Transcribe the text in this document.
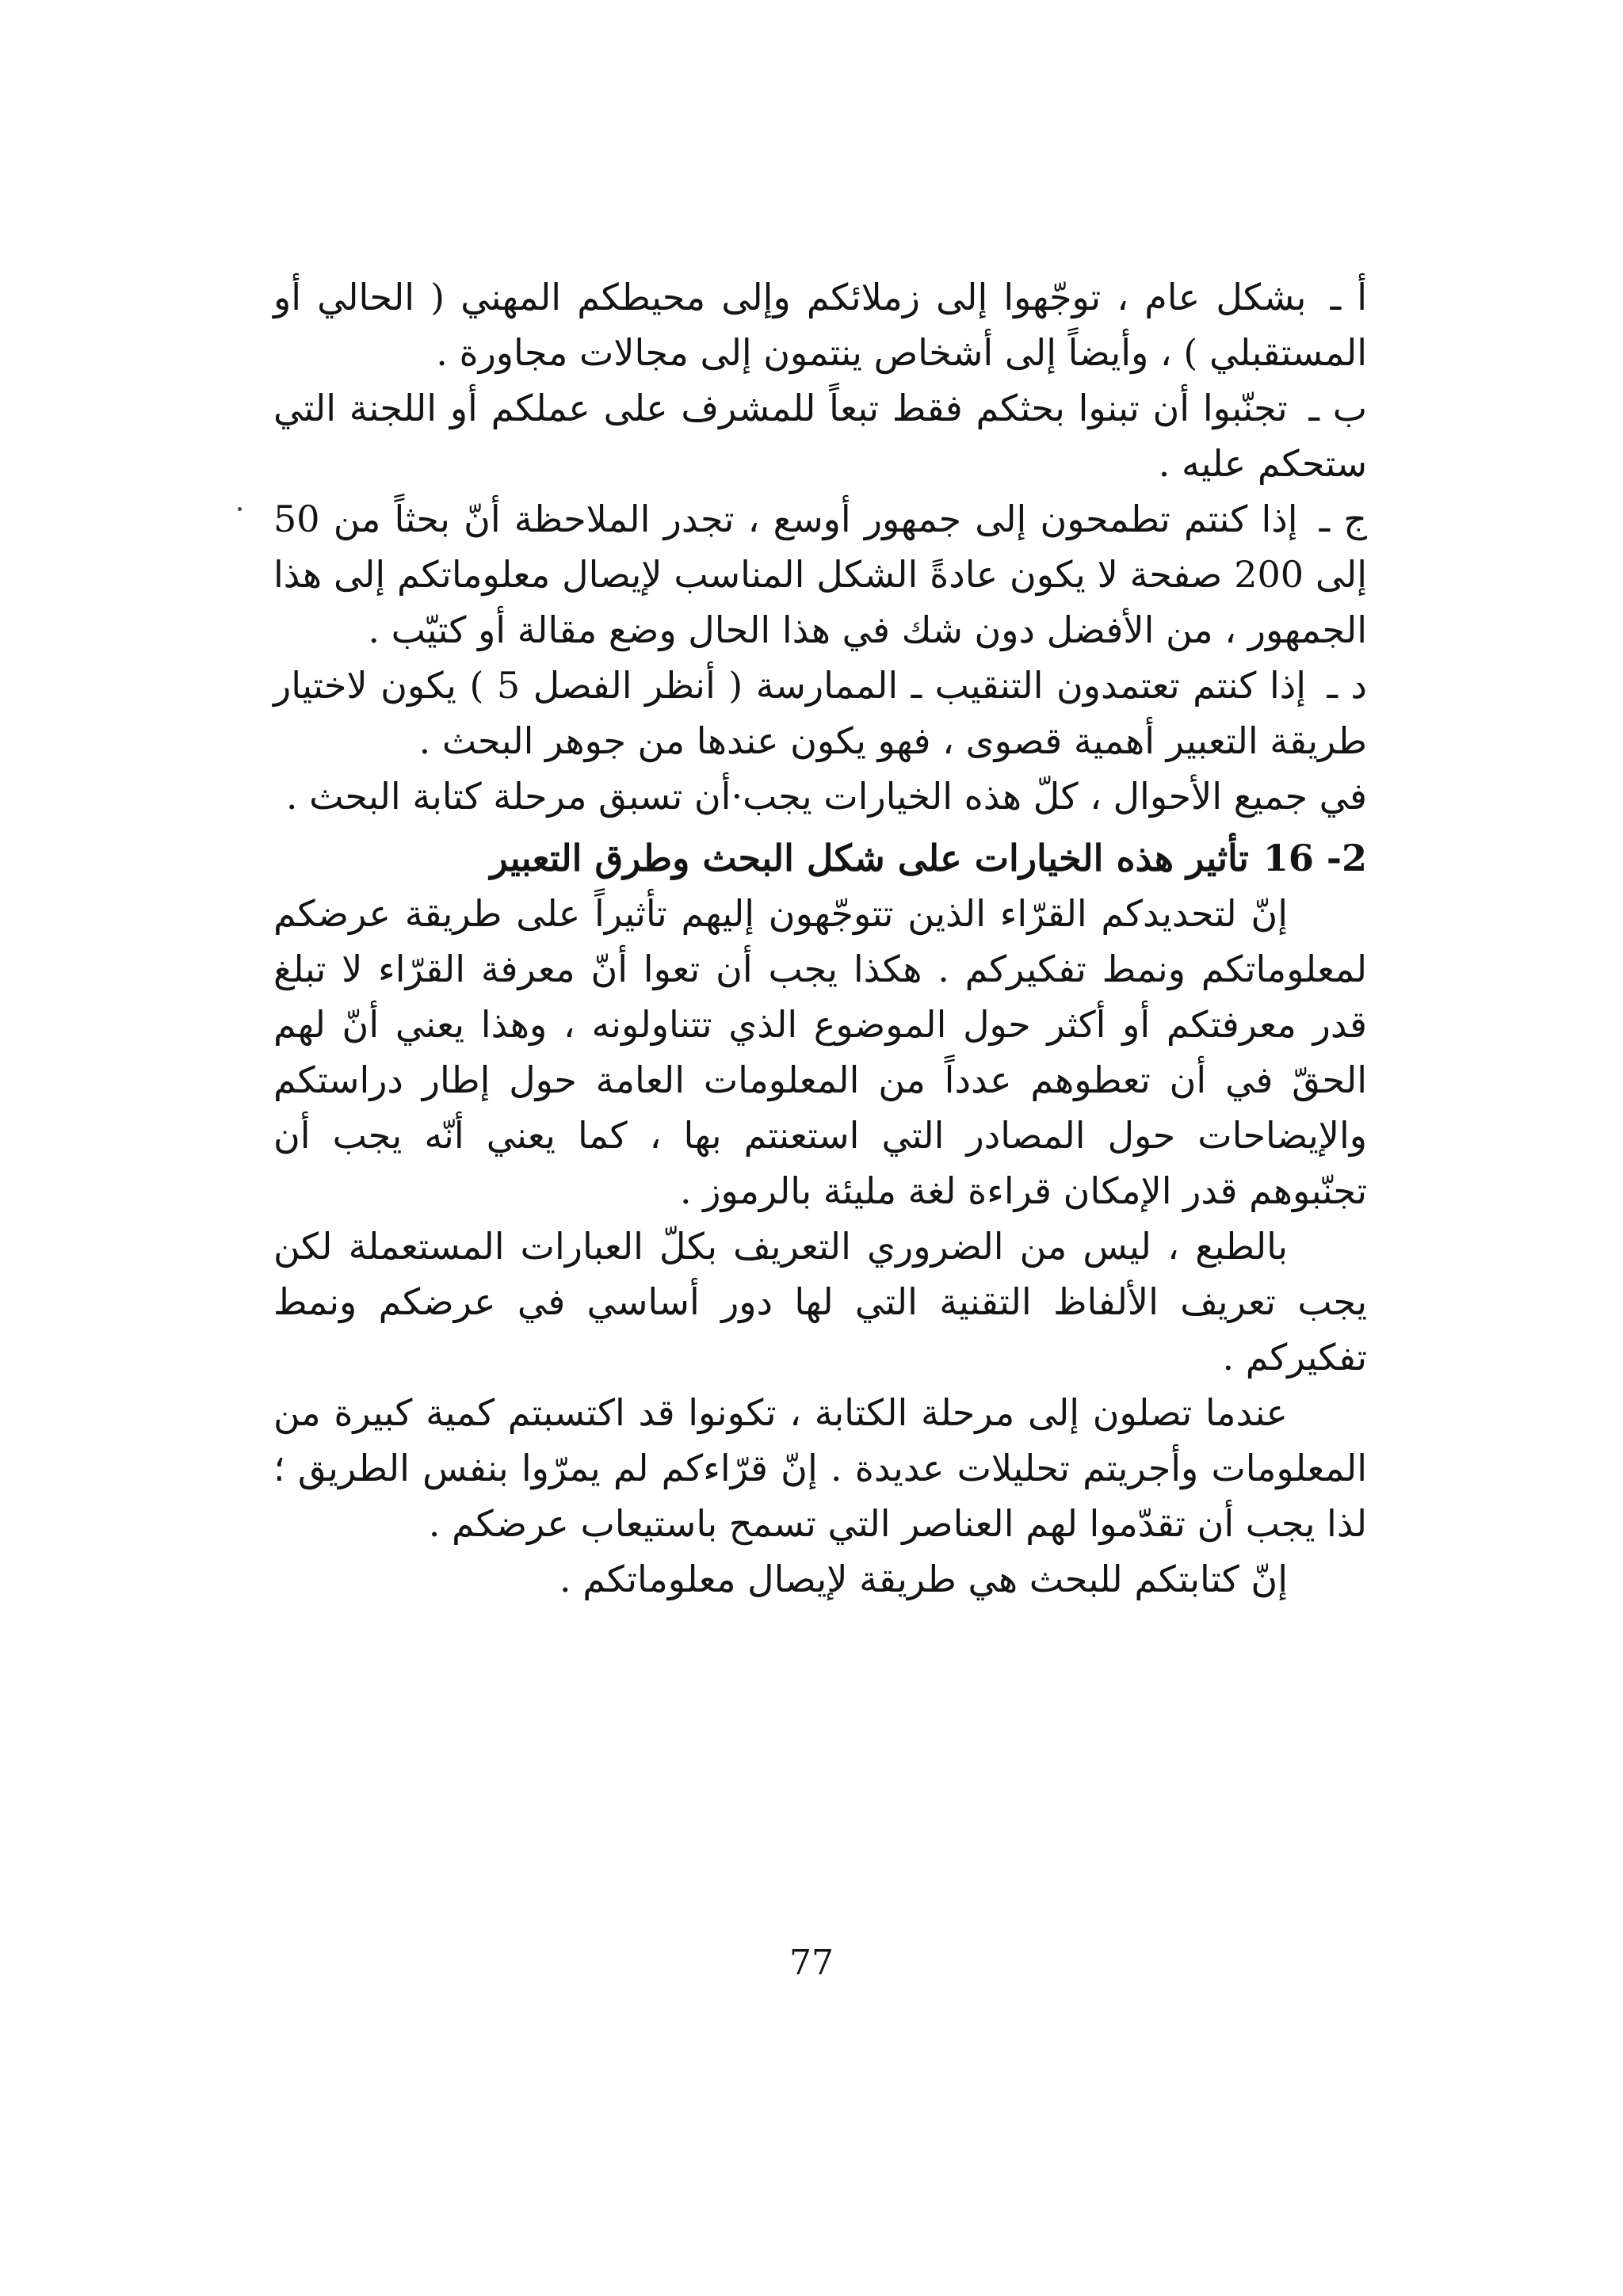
أ ـ بشكل عام ، توجّهوا إلى زملائكم وإلى محيطكم المهني ( الحالي أو المستقبلي ) ، وأيضاً إلى أشخاص ينتمون إلى مجالات مجاورة .

ب ـ تجنّبوا أن تبنوا بحثكم فقط تبعاً للمشرف على عملكم أو اللجنة التي ستحكم عليه .

ج ـ إذا كنتم تطمحون إلى جمهور أوسع ، تجدر الملاحظة أنّ بحثاً من 50 إلى 200 صفحة لا يكون عادةً الشكل المناسب لإيصال معلوماتكم إلى هذا الجمهور ، من الأفضل دون شك في هذا الحال وضع مقالة أو كتيّب .

د ـ إذا كنتم تعتمدون التنقيب ـ الممارسة ( أنظر الفصل 5 ) يكون لاختيار طريقة التعبير أهمية قصوى ، فهو يكون عندها من جوهر البحث .

في جميع الأحوال ، كلّ هذه الخيارات يجب·أن تسبق مرحلة كتابة البحث .

16 -2تأثير هذه الخيارات على شكل البحث وطرق التعبير

إنّ لتحديدكم القرّاء الذين تتوجّهون إليهم تأثيراً على طريقة عرضكم لمعلوماتكم ونمط تفكيركم . هكذا يجب أن تعوا أنّ معرفة القرّاء لا تبلغ قدر معرفتكم أو أكثر حول الموضوع الذي تتناولونه ، وهذا يعني أنّ لهم الحقّ في أن تعطوهم عدداً من المعلومات العامة حول إطار دراستكم والإيضاحات حول المصادر التي استعنتم بها ، كما يعني أنّه يجب أن تجنّبوهم قدر الإمكان قراءة لغة مليئة بالرموز .

بالطبع ، ليس من الضروري التعريف بكلّ العبارات المستعملة لكن يجب تعريف الألفاظ التقنية التي لها دور أساسي في عرضكم ونمط تفكيركم .

عندما تصلون إلى مرحلة الكتابة ، تكونوا قد اكتسبتم كمية كبيرة من المعلومات وأجريتم تحليلات عديدة . إنّ قرّاءكم لم يمرّوا بنفس الطريق ؛ لذا يجب أن تقدّموا لهم العناصر التي تسمح باستيعاب عرضكم .

إنّ كتابتكم للبحث هي طريقة لإيصال معلوماتكم .

77
